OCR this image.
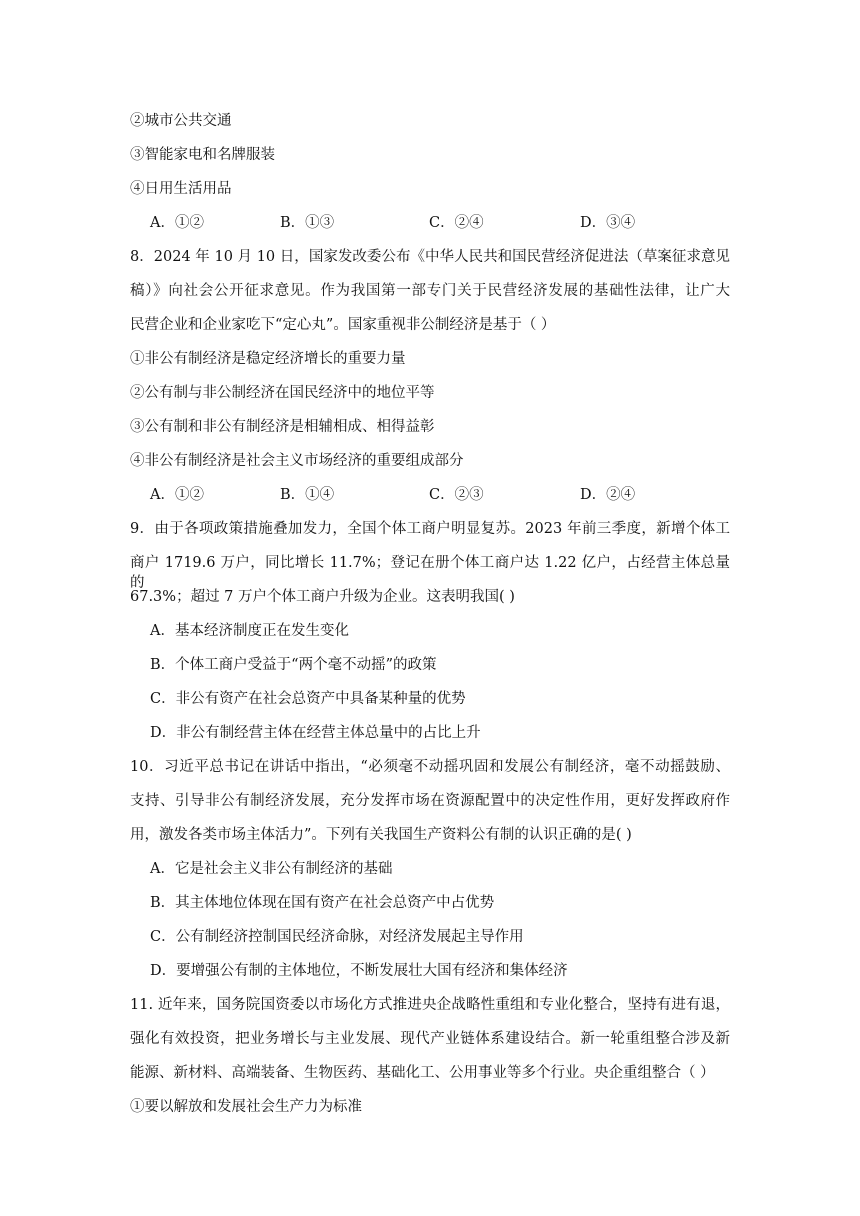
②城市公共交通
③智能家电和名牌服装
④日用生活用品
A．①②	B．①③	C．②④	D．③④
8．2024 年 10 月 10 日，国家发改委公布《中华人民共和国民营经济促进法（草案征求意见
稿）》向社会公开征求意见。作为我国第一部专门关于民营经济发展的基础性法律，让广大
民营企业和企业家吃下“定心丸”。国家重视非公制经济是基于（ ）
①非公有制经济是稳定经济增长的重要力量
②公有制与非公制经济在国民经济中的地位平等
③公有制和非公有制经济是相辅相成、相得益彰
④非公有制经济是社会主义市场经济的重要组成部分
A．①②	B．①④	C．②③	D．②④
9．由于各项政策措施叠加发力，全国个体工商户明显复苏。2023 年前三季度，新增个体工
商户 1719.6 万户，同比增长 11.7%；登记在册个体工商户达 1.22 亿户，占经营主体总量的
67.3%；超过 7 万户个体工商户升级为企业。这表明我国( )
A．基本经济制度正在发生变化
B．个体工商户受益于“两个毫不动摇”的政策
C．非公有资产在社会总资产中具备某种量的优势
D．非公有制经营主体在经营主体总量中的占比上升
10．习近平总书记在讲话中指出，“必须毫不动摇巩固和发展公有制经济，毫不动摇鼓励、
支持、引导非公有制经济发展，充分发挥市场在资源配置中的决定性作用，更好发挥政府作
用，激发各类市场主体活力”。下列有关我国生产资料公有制的认识正确的是( )
A．它是社会主义非公有制经济的基础
B．其主体地位体现在国有资产在社会总资产中占优势
C．公有制经济控制国民经济命脉，对经济发展起主导作用
D．要增强公有制的主体地位，不断发展壮大国有经济和集体经济
11. 近年来，国务院国资委以市场化方式推进央企战略性重组和专业化整合，坚持有进有退，
强化有效投资，把业务增长与主业发展、现代产业链体系建设结合。新一轮重组整合涉及新
能源、新材料、高端装备、生物医药、基础化工、公用事业等多个行业。央企重组整合（ ）
①要以解放和发展社会生产力为标准
